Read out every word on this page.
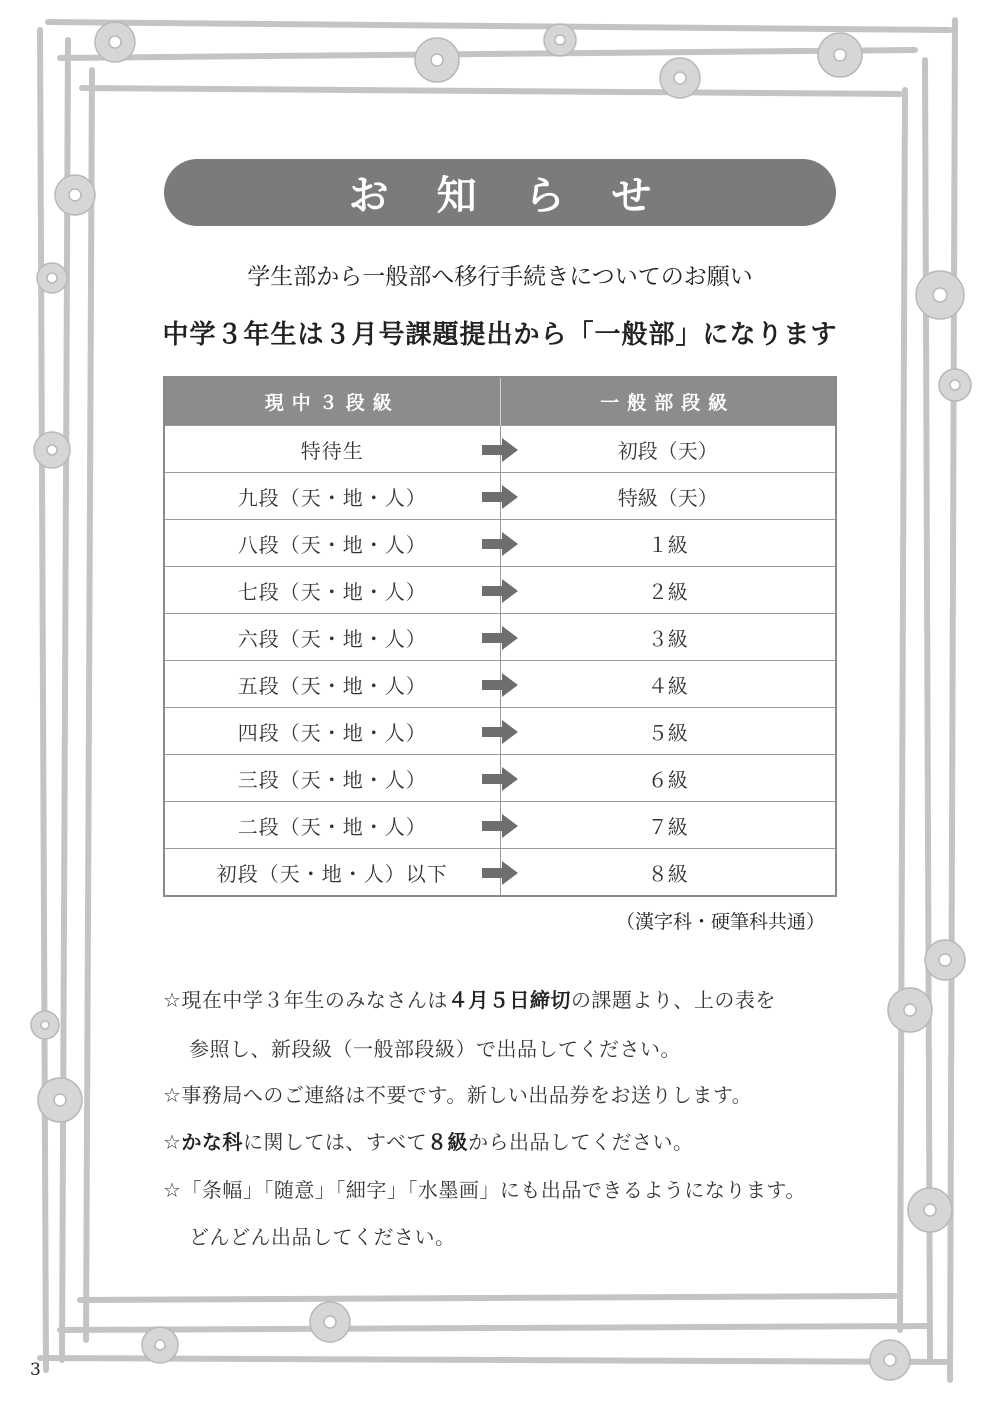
お知らせ
学生部から一般部へ移行手続きについてのお願い
中学３年生は３月号課題提出から「一般部」になります
現中３段級	一般部段級
特待生	初段（天）
九段（天・地・人）	特級（天）
八段（天・地・人）	１級
七段（天・地・人）	２級
六段（天・地・人）	３級
五段（天・地・人）	４級
四段（天・地・人）	５級
三段（天・地・人）	６級
二段（天・地・人）	７級
初段（天・地・人）以下	８級
（漢字科・硬筆科共通）

☆現在中学３年生のみなさんは４月５日締切の課題より、上の表を

参照し、新段級（一般部段級）で出品してください。

☆事務局へのご連絡は不要です。新しい出品券をお送りします。

☆かな科に関しては、すべて８級から出品してください。

☆「条幅」「随意」「細字」「水墨画」にも出品できるようになります。

どんどん出品してください。

3
